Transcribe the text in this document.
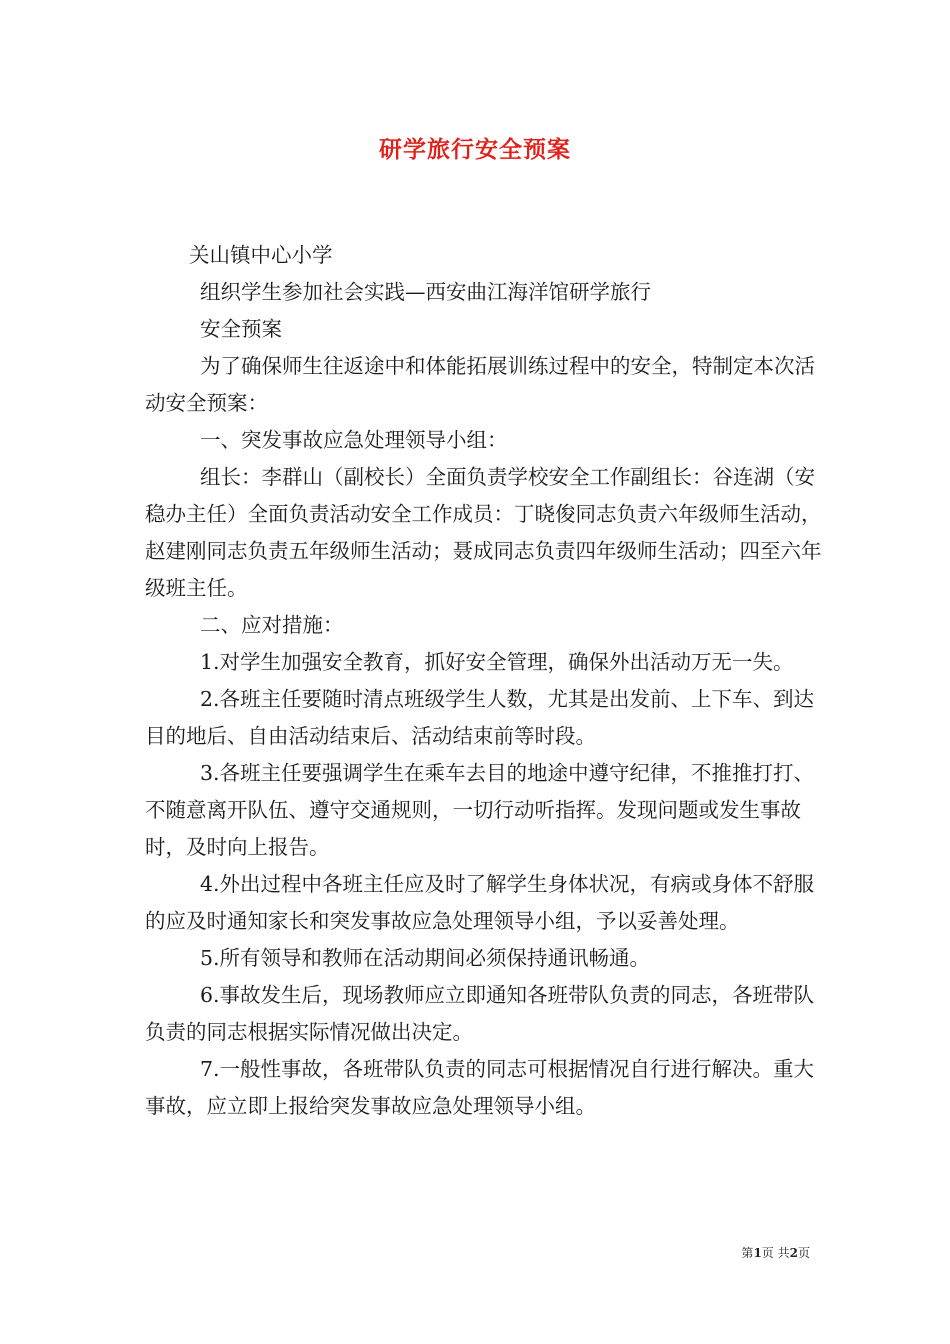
研学旅行安全预案

关山镇中心小学

组织学生参加社会实践—西安曲江海洋馆研学旅行

安全预案

为了确保师生往返途中和体能拓展训练过程中的安全，特制定本次活动安全预案：

一、突发事故应急处理领导小组：

组长：李群山（副校长）全面负责学校安全工作副组长：谷连湖（安稳办主任）全面负责活动安全工作成员：丁晓俊同志负责六年级师生活动，赵建刚同志负责五年级师生活动；聂成同志负责四年级师生活动；四至六年级班主任。

二、应对措施：

1.对学生加强安全教育，抓好安全管理，确保外出活动万无一失。

2.各班主任要随时清点班级学生人数，尤其是出发前、上下车、到达目的地后、自由活动结束后、活动结束前等时段。

3.各班主任要强调学生在乘车去目的地途中遵守纪律，不推推打打、不随意离开队伍、遵守交通规则，一切行动听指挥。发现问题或发生事故时，及时向上报告。

4.外出过程中各班主任应及时了解学生身体状况，有病或身体不舒服的应及时通知家长和突发事故应急处理领导小组，予以妥善处理。

5.所有领导和教师在活动期间必须保持通讯畅通。

6.事故发生后，现场教师应立即通知各班带队负责的同志，各班带队负责的同志根据实际情况做出决定。

7.一般性事故，各班带队负责的同志可根据情况自行进行解决。重大事故，应立即上报给突发事故应急处理领导小组。

第1页 共2页
